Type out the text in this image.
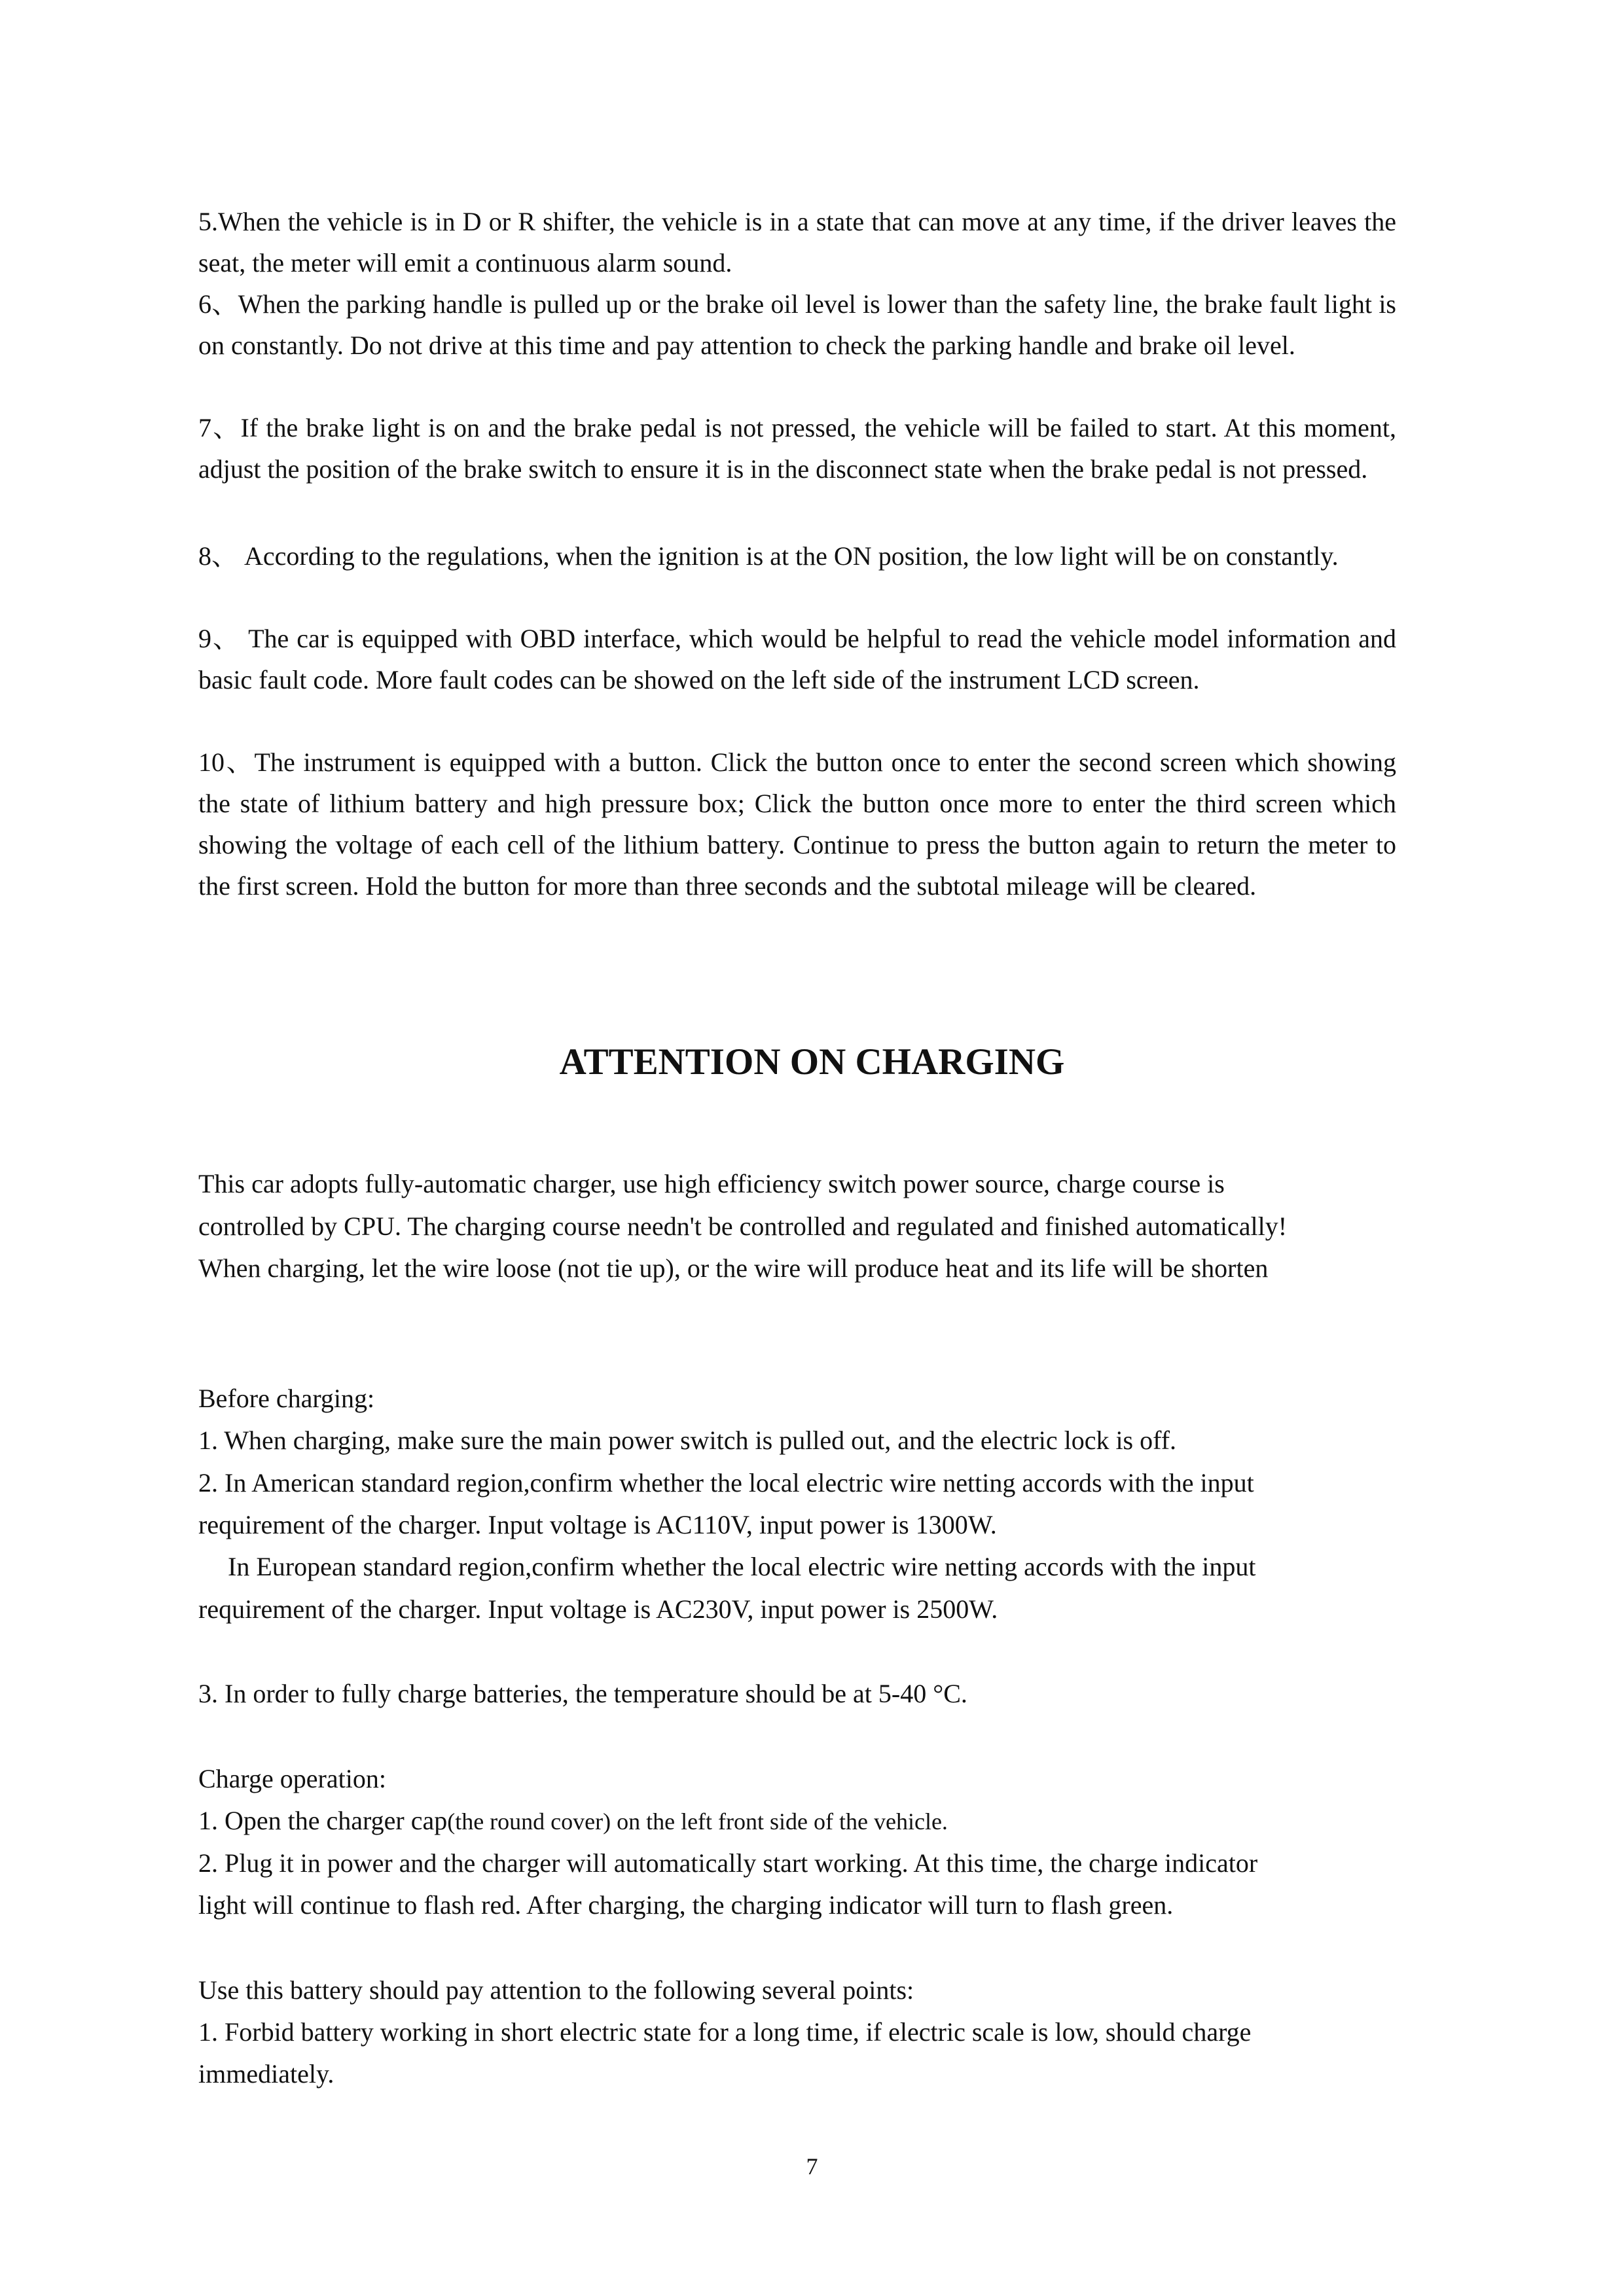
5.When the vehicle is in D or R shifter, the vehicle is in a state that can move at any time, if the driver leaves the seat, the meter will emit a continuous alarm sound.

6、When the parking handle is pulled up or the brake oil level is lower than the safety line, the brake fault light is on constantly. Do not drive at this time and pay attention to check the parking handle and brake oil level.

7、If the brake light is on and the brake pedal is not pressed, the vehicle will be failed to start. At this moment, adjust the position of the brake switch to ensure it is in the disconnect state when the brake pedal is not pressed.

8、 According to the regulations, when the ignition is at the ON position, the low light will be on constantly.

9、 The car is equipped with OBD interface, which would be helpful to read the vehicle model information and basic fault code. More fault codes can be showed on the left side of the instrument LCD screen.

10、The instrument is equipped with a button. Click the button once to enter the second screen which showing the state of lithium battery and high pressure box; Click the button once more to enter the third screen which showing the voltage of each cell of the lithium battery. Continue to press the button again to return the meter to the first screen. Hold the button for more than three seconds and the subtotal mileage will be cleared.

ATTENTION ON CHARGING

This car adopts fully-automatic charger, use high efficiency switch power source, charge course is

controlled by CPU. The charging course needn't be controlled and regulated and finished automatically!

When charging, let the wire loose (not tie up), or the wire will produce heat and its life will be shorten

Before charging:

1. When charging, make sure the main power switch is pulled out, and the electric lock is off.

2. In American standard region,confirm whether the local electric wire netting accords with the input

requirement of the charger. Input voltage is AC110V, input power is 1300W.

In European standard region,confirm whether the local electric wire netting accords with the input

requirement of the charger. Input voltage is AC230V, input power is 2500W.

3. In order to fully charge batteries, the temperature should be at 5-40 °C.

Charge operation:

1. Open the charger cap(the round cover) on the left front side of the vehicle.

2. Plug it in power and the charger will automatically start working. At this time, the charge indicator

light will continue to flash red. After charging, the charging indicator will turn to flash green.

Use this battery should pay attention to the following several points:

1. Forbid battery working in short electric state for a long time, if electric scale is low, should charge

immediately.

7
